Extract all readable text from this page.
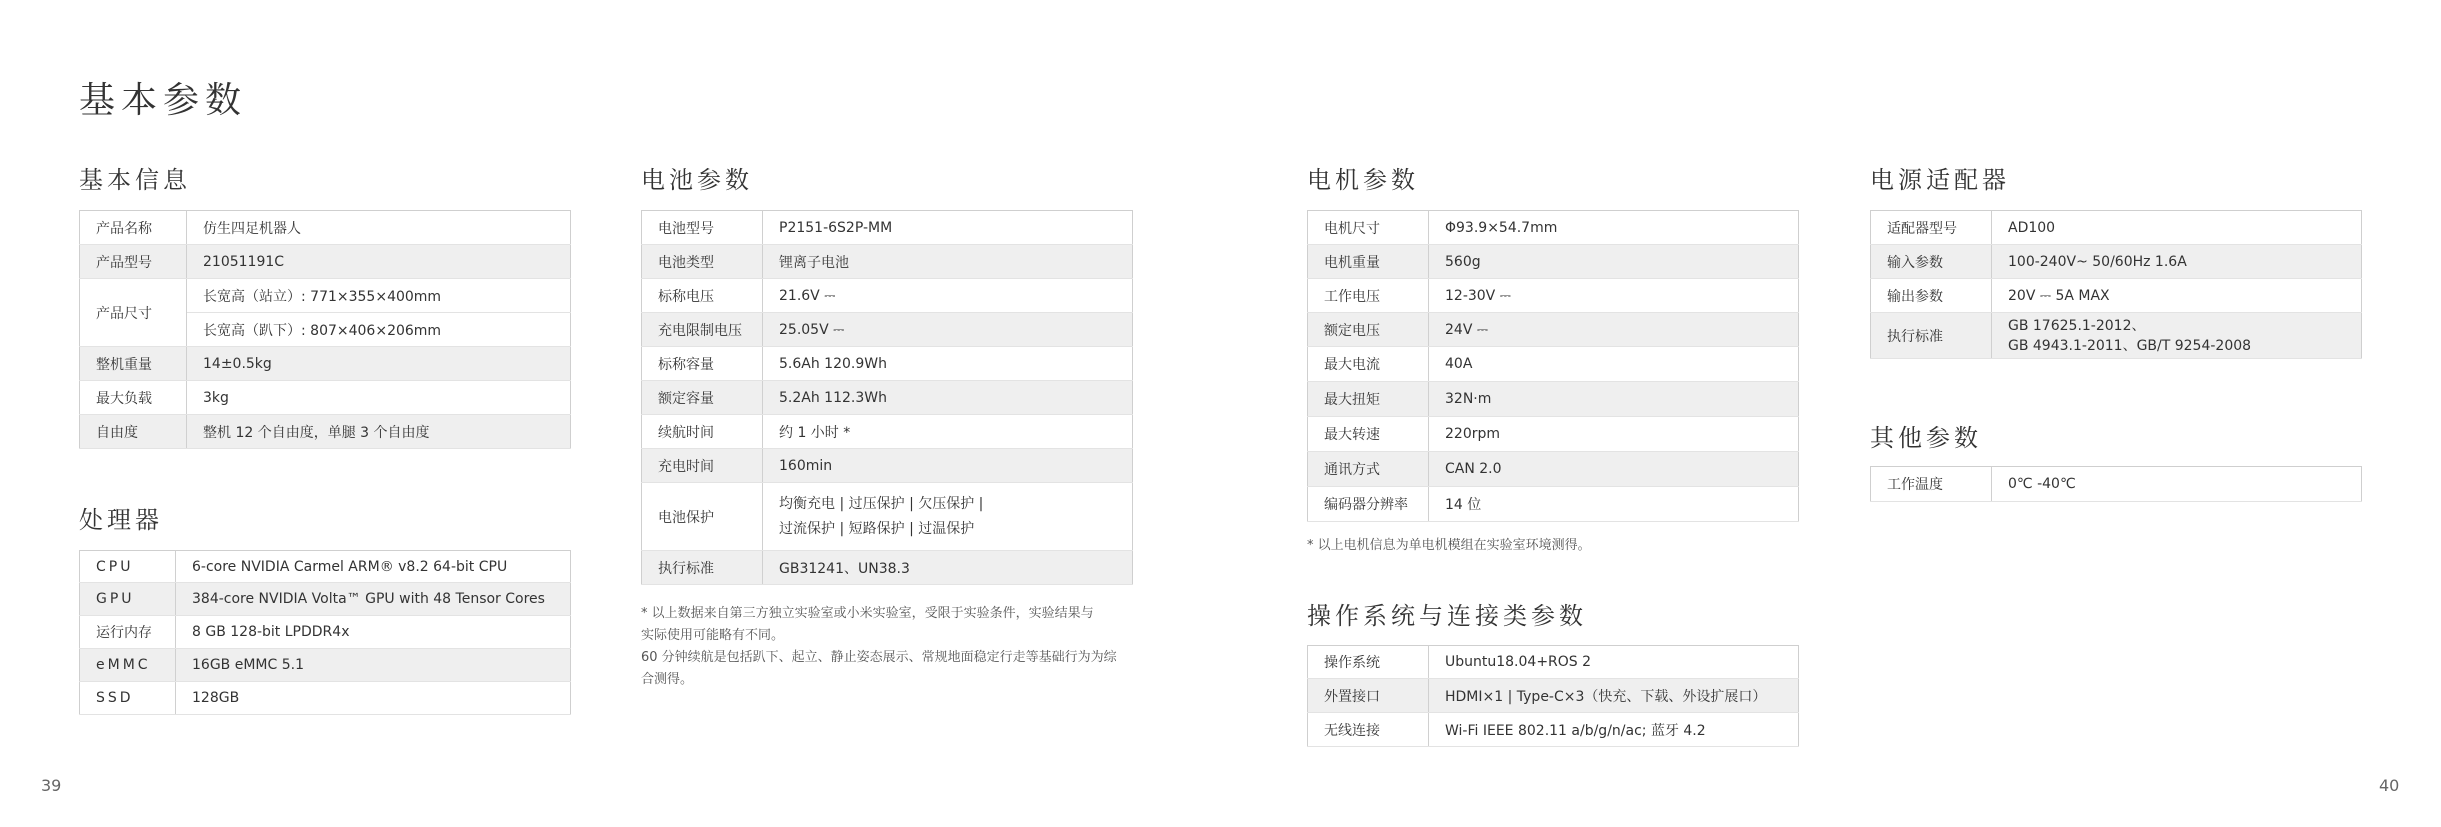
基本参数
基本信息
产品名称	仿生四足机器人
产品型号	21051191C
产品尺寸	长宽高（站立）: 771×355×400mm
	长宽高（趴下）: 807×406×206mm
整机重量	14±0.5kg
最大负载	3kg
自由度	整机 12 个自由度，单腿 3 个自由度
处理器
CPU	6-core NVIDIA Carmel ARM® v8.2 64-bit CPU
GPU	384-core NVIDIA Volta™ GPU with 48 Tensor Cores
运行内存	8 GB 128-bit LPDDR4x
eMMC	16GB eMMC 5.1
SSD	128GB
电池参数
电池型号	P2151-6S2P-MM
电池类型	锂离子电池
标称电压	21.6V ⎓
充电限制电压	25.05V ⎓
标称容量	5.6Ah 120.9Wh
额定容量	5.2Ah 112.3Wh
续航时间	约 1 小时 *
充电时间	160min
电池保护	均衡充电 | 过压保护 | 欠压保护 |
过流保护 | 短路保护 | 过温保护

执行标准	GB31241、UN38.3
* 以上数据来自第三方独立实验室或小米实验室，受限于实验条件，实验结果与
实际使用可能略有不同。
60 分钟续航是包括趴下、起立、静止姿态展示、常规地面稳定行走等基础行为为综
合测得。
电机参数
电机尺寸	Φ93.9×54.7mm
电机重量	560g
工作电压	12-30V ⎓
额定电压	24V ⎓
最大电流	40A
最大扭矩	32N·m
最大转速	220rpm
通讯方式	CAN 2.0
编码器分辨率	14 位
* 以上电机信息为单电机模组在实验室环境测得。
操作系统与连接类参数
操作系统	Ubuntu18.04+ROS 2
外置接口	HDMI×1 | Type-C×3（快充、下载、外设扩展口）
无线连接	Wi-Fi IEEE 802.11 a/b/g/n/ac; 蓝牙 4.2
电源适配器
适配器型号	AD100
输入参数	100-240V~ 50/60Hz 1.6A
输出参数	20V ⎓ 5A MAX
执行标准	GB 17625.1-2012、
GB 4943.1-2011、GB/T 9254-2008
其他参数
工作温度	0℃ -40℃
39	40
